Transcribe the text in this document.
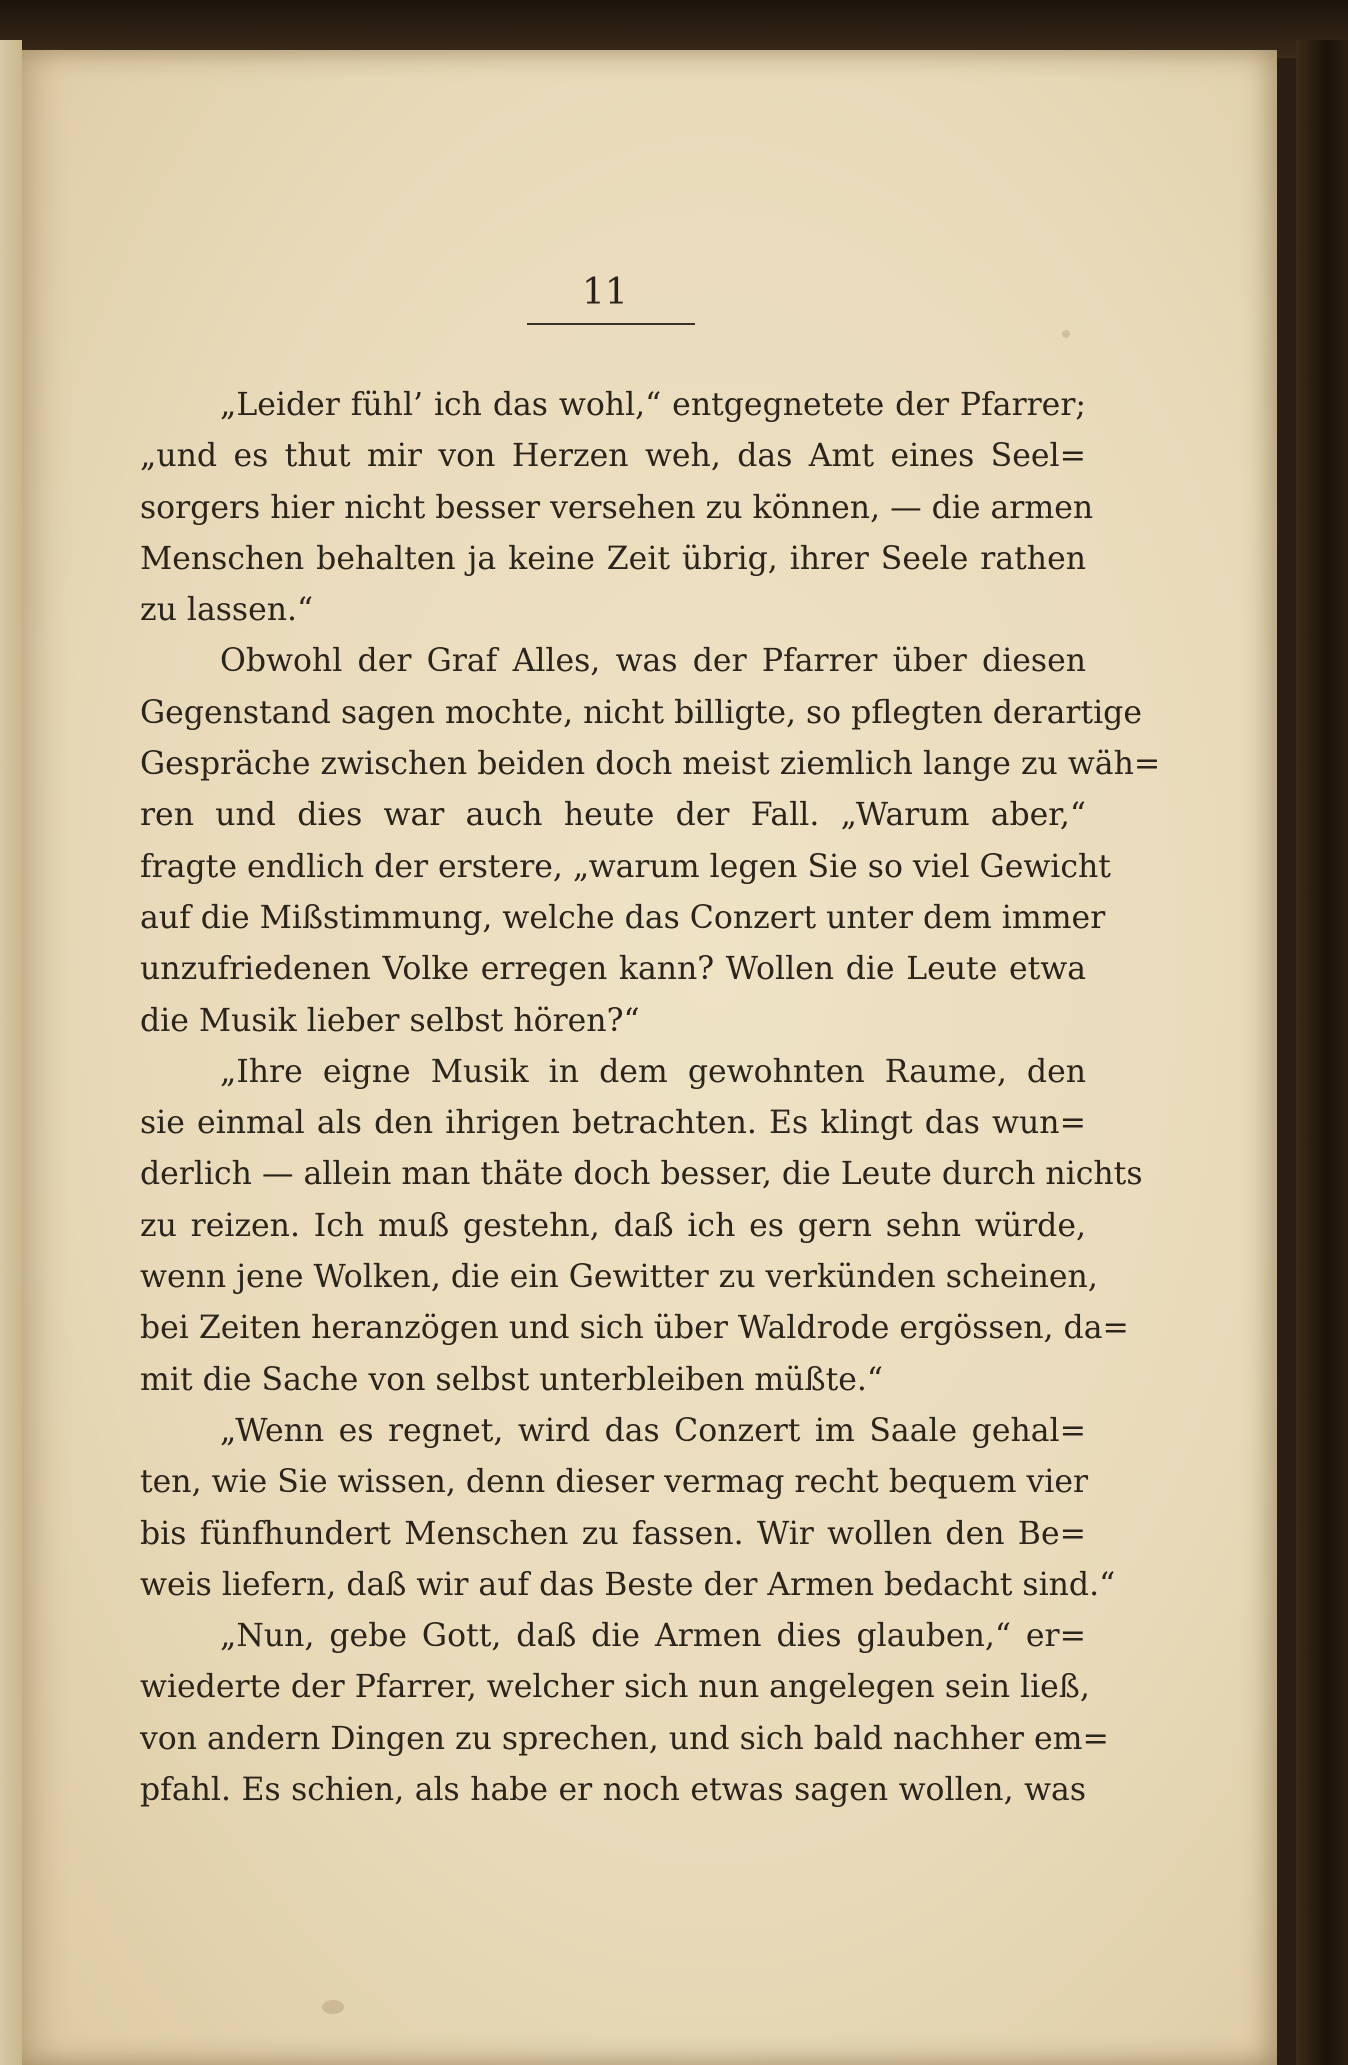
11
„Leider fühl’ ich das wohl,“ entgegnetete der Pfarrer;
„und es thut mir von Herzen weh, das Amt eines Seel=
sorgers hier nicht besser versehen zu können, — die armen
Menschen behalten ja keine Zeit übrig, ihrer Seele rathen
zu lassen.“
Obwohl der Graf Alles, was der Pfarrer über diesen
Gegenstand sagen mochte, nicht billigte, so pflegten derartige
Gespräche zwischen beiden doch meist ziemlich lange zu wäh=
ren und dies war auch heute der Fall. „Warum aber,“
fragte endlich der erstere, „warum legen Sie so viel Gewicht
auf die Mißstimmung, welche das Conzert unter dem immer
unzufriedenen Volke erregen kann? Wollen die Leute etwa
die Musik lieber selbst hören?“
„Ihre eigne Musik in dem gewohnten Raume, den
sie einmal als den ihrigen betrachten. Es klingt das wun=
derlich — allein man thäte doch besser, die Leute durch nichts
zu reizen. Ich muß gestehn, daß ich es gern sehn würde,
wenn jene Wolken, die ein Gewitter zu verkünden scheinen,
bei Zeiten heranzögen und sich über Waldrode ergössen, da=
mit die Sache von selbst unterbleiben müßte.“
„Wenn es regnet, wird das Conzert im Saale gehal=
ten, wie Sie wissen, denn dieser vermag recht bequem vier
bis fünfhundert Menschen zu fassen. Wir wollen den Be=
weis liefern, daß wir auf das Beste der Armen bedacht sind.“
„Nun, gebe Gott, daß die Armen dies glauben,“ er=
wiederte der Pfarrer, welcher sich nun angelegen sein ließ,
von andern Dingen zu sprechen, und sich bald nachher em=
pfahl. Es schien, als habe er noch etwas sagen wollen, was
